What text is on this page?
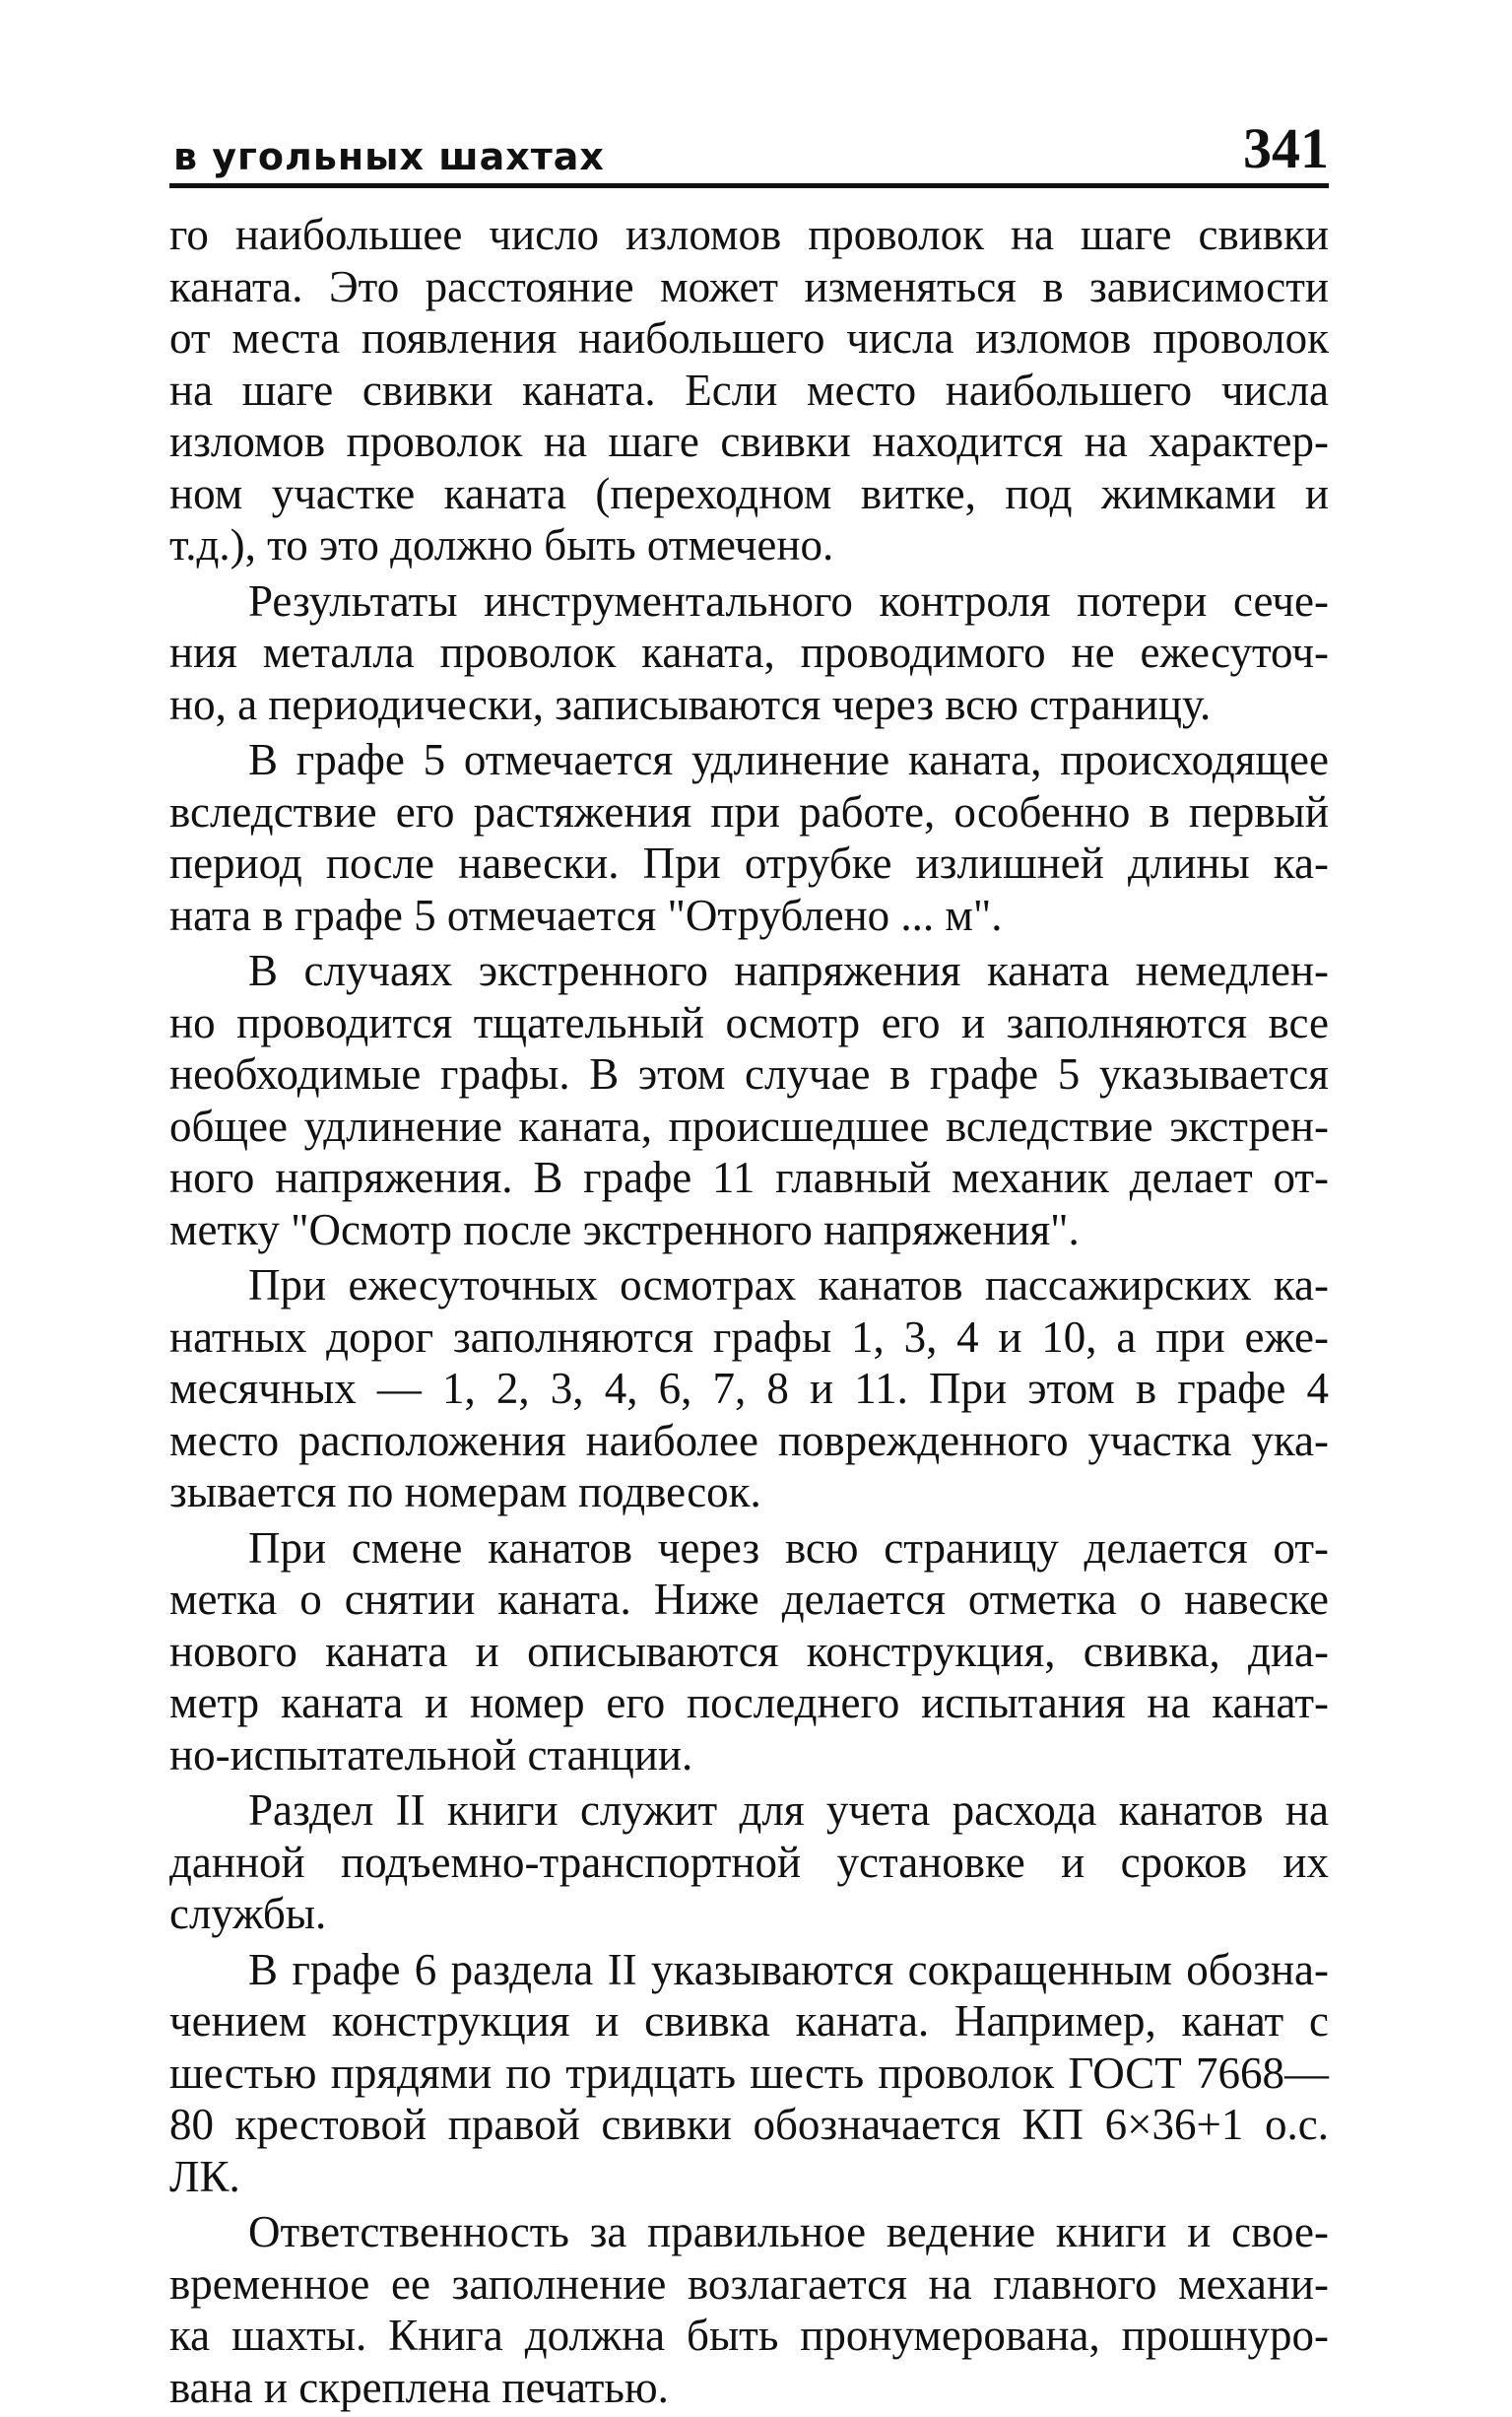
в угольных шахтах	341

го наибольшее число изломов проволок на шаге свивки
каната. Это расстояние может изменяться в зависимости
от места появления наибольшего числа изломов проволок
на шаге свивки каната. Если место наибольшего числа
изломов проволок на шаге свивки находится на характер-
ном участке каната (переходном витке, под жимками и
т.д.), то это должно быть отмечено.

Результаты инструментального контроля потери сече-
ния металла проволок каната, проводимого не ежесуточ-
но, а периодически, записываются через всю страницу.

В графе 5 отмечается удлинение каната, происходящее
вследствие его растяжения при работе, особенно в первый
период после навески. При отрубке излишней длины ка-
ната в графе 5 отмечается "Отрублено ... м".

В случаях экстренного напряжения каната немедлен-
но проводится тщательный осмотр его и заполняются все
необходимые графы. В этом случае в графе 5 указывается
общее удлинение каната, происшедшее вследствие экстрен-
ного напряжения. В графе 11 главный механик делает от-
метку "Осмотр после экстренного напряжения".

При ежесуточных осмотрах канатов пассажирских ка-
натных дорог заполняются графы 1, 3, 4 и 10, а при еже-
месячных — 1, 2, 3, 4, 6, 7, 8 и 11. При этом в графе 4
место расположения наиболее поврежденного участка ука-
зывается по номерам подвесок.

При смене канатов через всю страницу делается от-
метка о снятии каната. Ниже делается отметка о навеске
нового каната и описываются конструкция, свивка, диа-
метр каната и номер его последнего испытания на канат-
но-испытательной станции.

Раздел II книги служит для учета расхода канатов на
данной подъемно-транспортной установке и сроков их
службы.

В графе 6 раздела II указываются сокращенным обозна-
чением конструкция и свивка каната. Например, канат с
шестью прядями по тридцать шесть проволок ГОСТ 7668—
80 крестовой правой свивки обозначается КП 6×36+1 о.с.
ЛК.

Ответственность за правильное ведение книги и свое-
временное ее заполнение возлагается на главного механи-
ка шахты. Книга должна быть пронумерована, прошнуро-
вана и скреплена печатью.
